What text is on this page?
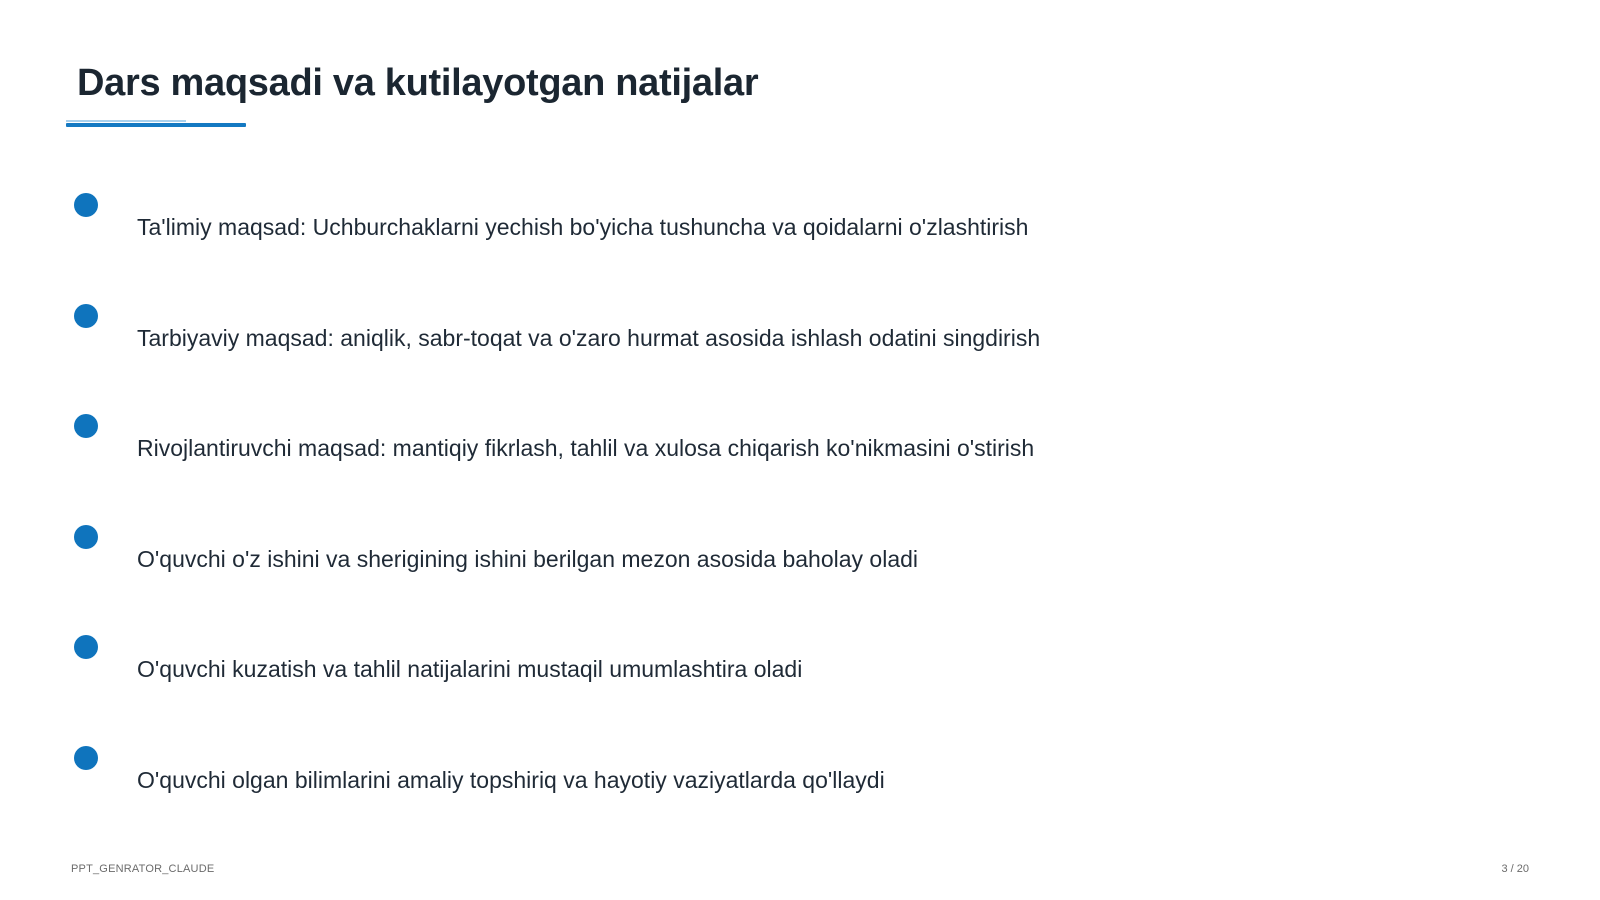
Dars maqsadi va kutilayotgan natijalar
Ta'limiy maqsad: Uchburchaklarni yechish bo'yicha tushuncha va qoidalarni o'zlashtirish
Tarbiyaviy maqsad: aniqlik, sabr-toqat va o'zaro hurmat asosida ishlash odatini singdirish
Rivojlantiruvchi maqsad: mantiqiy fikrlash, tahlil va xulosa chiqarish ko'nikmasini o'stirish
O'quvchi o'z ishini va sherigining ishini berilgan mezon asosida baholay oladi
O'quvchi kuzatish va tahlil natijalarini mustaqil umumlashtira oladi
O'quvchi olgan bilimlarini amaliy topshiriq va hayotiy vaziyatlarda qo'llaydi
PPT_GENRATOR_CLAUDE	3 / 20
